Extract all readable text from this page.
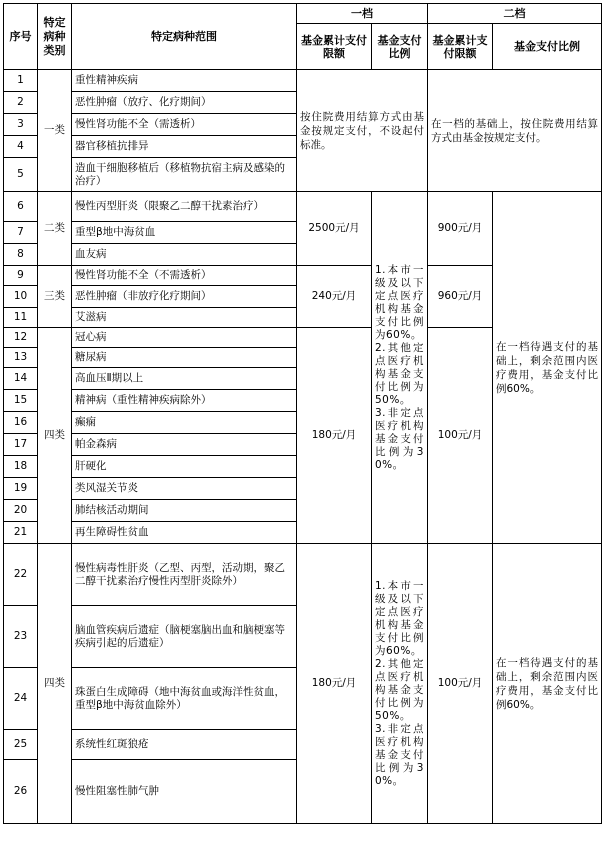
序号	特定病种类别	特定病种范围	一档		二档	
			基金累计支付限额	基金支付比例	基金累计支付限额	基金支付比例
1	一类	重性精神疾病	按住院费用结算方式由基金按规定支付，不设起付标准。		在一档的基础上，按住院费用结算方式由基金按规定支付。	
2		恶性肿瘤（放疗、化疗期间）				
3		慢性肾功能不全（需透析）				
4		器官移植抗排异				
5		造血干细胞移植后（移植物抗宿主病及感染的治疗）				
6	二类	慢性丙型肝炎（限聚乙二醇干扰素治疗）	2500元/月	1.本市一级及以下定点医疗机构基金支付比例为60%。
2.其他定点医疗机构基金支付比例为50%。
3.非定点医疗机构基金支付比例为30%。	900元/月	在一档待遇支付的基础上，剩余范围内医疗费用，基金支付比例60%。
7		重型β地中海贫血				
8		血友病				
9	三类	慢性肾功能不全（不需透析）	240元/月		960元/月	
10		恶性肿瘤（非放疗化疗期间）				
11		艾滋病				
12	四类	冠心病	180元/月		100元/月	
13		糖尿病				
14		高血压Ⅱ期以上				
15		精神病（重性精神疾病除外）				
16		癫痫				
17		帕金森病				
18		肝硬化				
19		类风湿关节炎				
20		肺结核活动期间				
21		再生障碍性贫血				
22	四类	慢性病毒性肝炎（乙型、丙型，活动期，聚乙二醇干扰素治疗慢性丙型肝炎除外）	180元/月	1.本市一级及以下定点医疗机构基金支付比例为60%。
2.其他定点医疗机构基金支付比例为50%。
3.非定点医疗机构基金支付比例为30%。	100元/月	在一档待遇支付的基础上，剩余范围内医疗费用，基金支付比例60%。
23		脑血管疾病后遗症（脑梗塞脑出血和脑梗塞等疾病引起的后遗症）				
24		珠蛋白生成障碍（地中海贫血或海洋性贫血，重型β地中海贫血除外）				
25		系统性红斑狼疮				
26		慢性阻塞性肺气肿				
